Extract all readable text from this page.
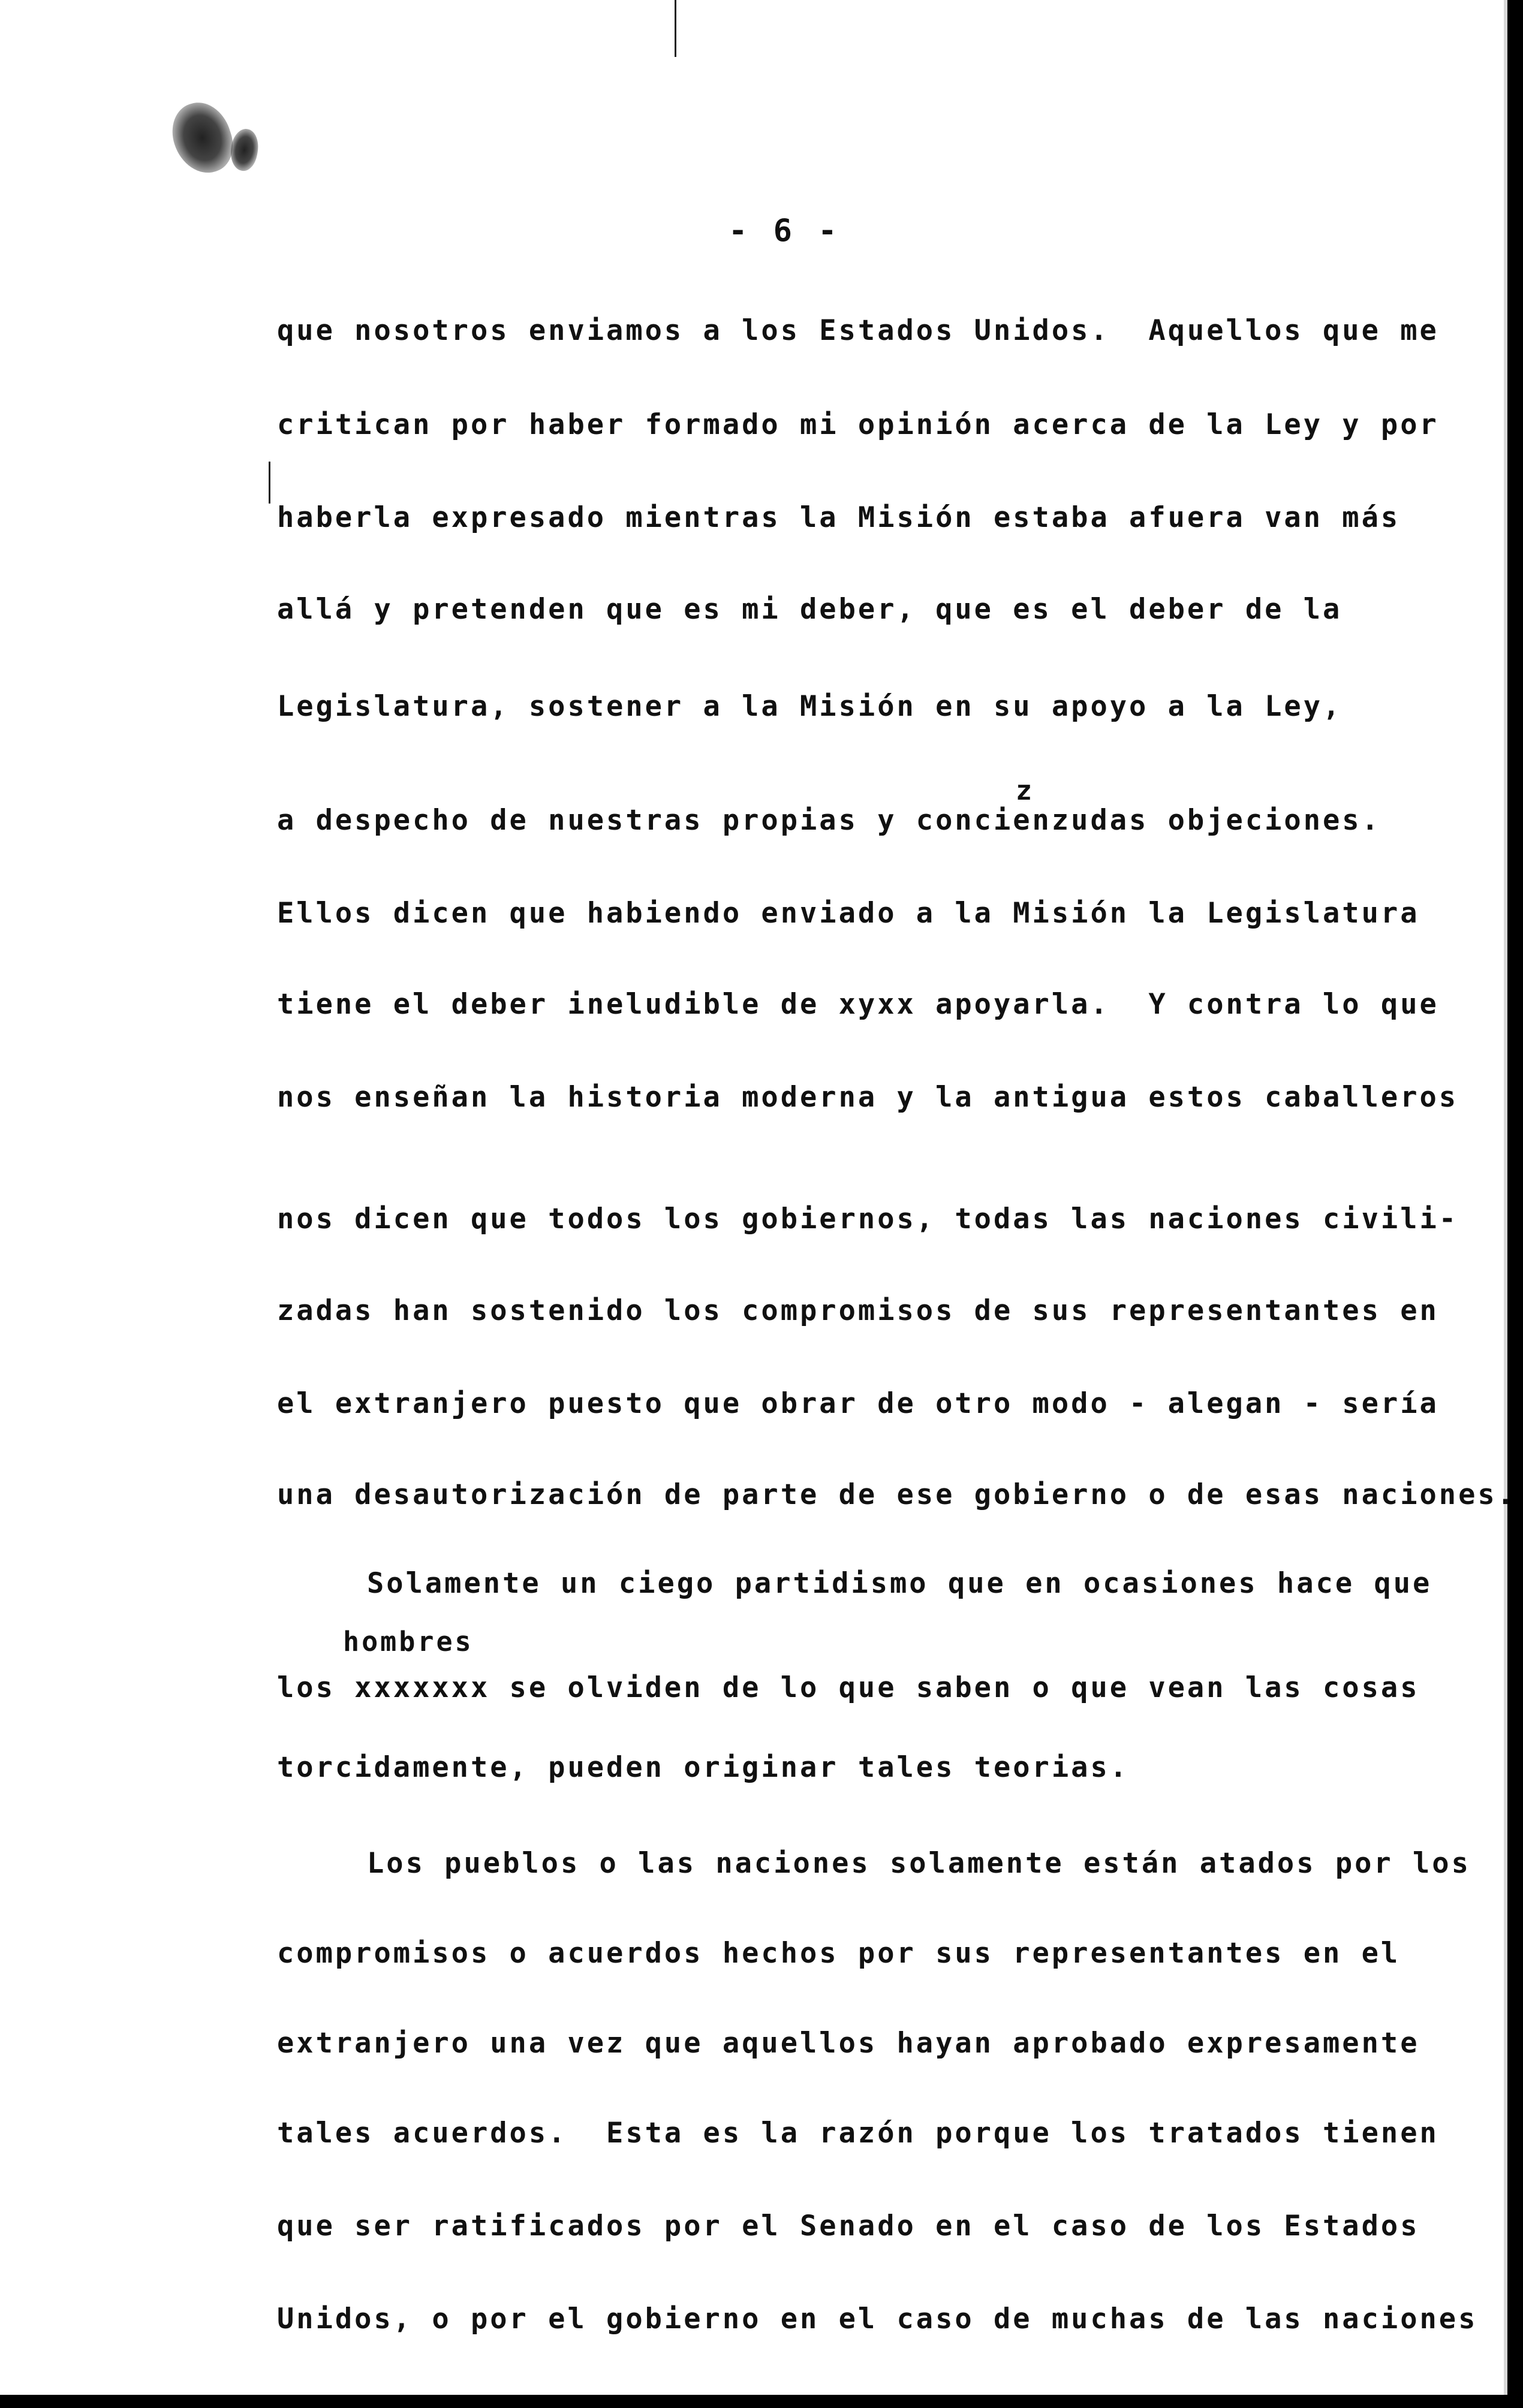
- 6 -
que nosotros enviamos a los Estados Unidos.  Aquellos que me
critican por haber formado mi opinión acerca de la Ley y por
haberla expresado mientras la Misión estaba afuera van más
allá y pretenden que es mi deber, que es el deber de la
Legislatura, sostener a la Misión en su apoyo a la Ley,
z
a despecho de nuestras propias y concienzudas objeciones.
Ellos dicen que habiendo enviado a la Misión la Legislatura
tiene el deber ineludible de xyxx apoyarla.  Y contra lo que
nos enseñan la historia moderna y la antigua estos caballeros
nos dicen que todos los gobiernos, todas las naciones civili-
zadas han sostenido los compromisos de sus representantes en
el extranjero puesto que obrar de otro modo - alegan - sería
una desautorización de parte de ese gobierno o de esas naciones.
Solamente un ciego partidismo que en ocasiones hace que
hombres
los xxxxxxx se olviden de lo que saben o que vean las cosas
torcidamente, pueden originar tales teorias.
Los pueblos o las naciones solamente están atados por los
compromisos o acuerdos hechos por sus representantes en el
extranjero una vez que aquellos hayan aprobado expresamente
tales acuerdos.  Esta es la razón porque los tratados tienen
que ser ratificados por el Senado en el caso de los Estados
Unidos, o por el gobierno en el caso de muchas de las naciones
